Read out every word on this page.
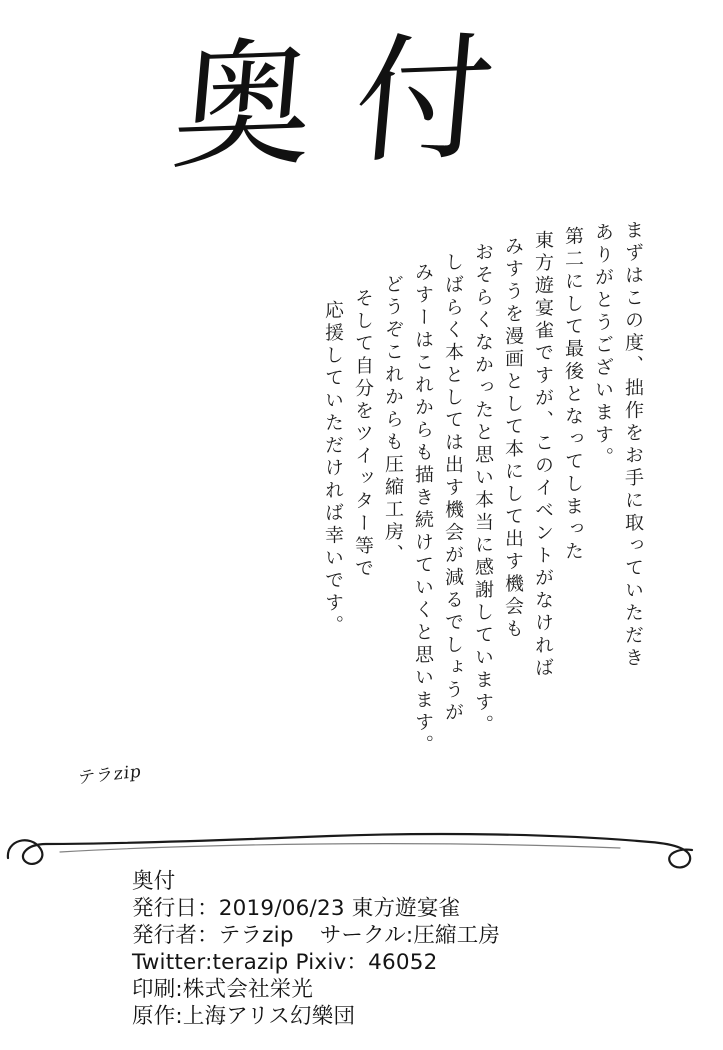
奥付
まずはこの度、拙作をお手に取っていただき
ありがとうございます。
第二にして最後となってしまった
東方遊宴雀ですが、このイベントがなければ
みすうを漫画として本にして出す機会も
おそらくなかったと思い本当に感謝しています。
しばらく本としては出す機会が減るでしょうが
みすーはこれからも描き続けていくと思います。
どうぞこれからも圧縮工房、
そして自分をツイッター等で
応援していただければ幸いです。
テラzip
奥付
発行日：2019/06/23 東方遊宴雀
発行者：テラzip サークル:圧縮工房
Twitter:terazip Pixiv：46052
印刷:株式会社栄光
原作:上海アリス幻樂団
